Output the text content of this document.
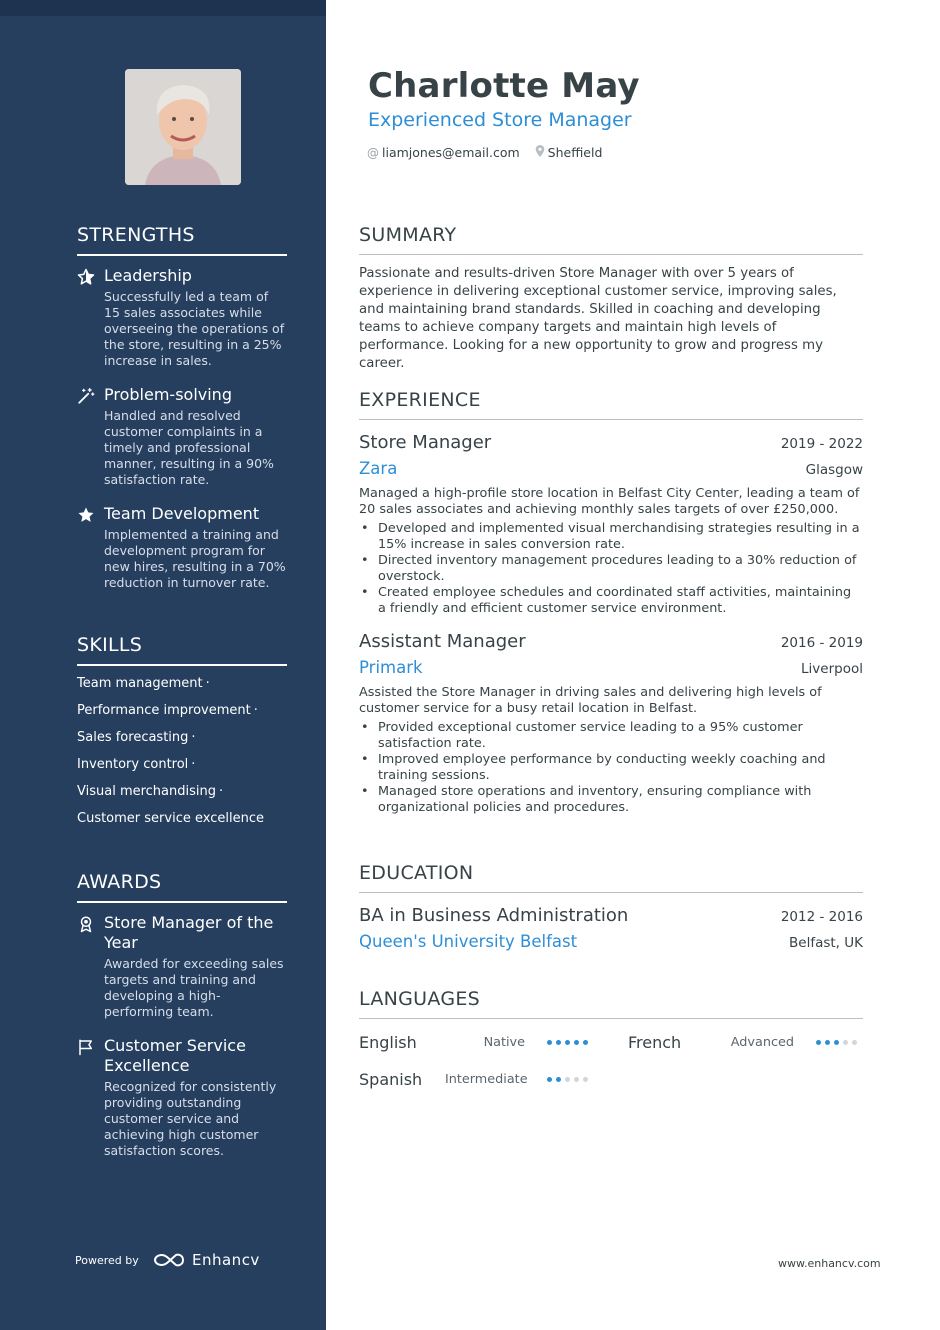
STRENGTHS
Leadership
Successfully led a team of 15 sales associates while overseeing the operations of the store, resulting in a 25% increase in sales.
Problem-solving
Handled and resolved customer complaints in a timely and professional manner, resulting in a 90% satisfaction rate.
Team Development
Implemented a training and development program for new hires, resulting in a 70% reduction in turnover rate.
SKILLS
Team management ·
Performance improvement ·
Sales forecasting ·
Inventory control ·
Visual merchandising ·
Customer service excellence
AWARDS
Store Manager of the Year
Awarded for exceeding sales targets and training and developing a high-performing team.
Customer Service Excellence
Recognized for consistently providing outstanding customer service and achieving high customer satisfaction scores.
Powered by	Enhancv
Charlotte May
Experienced Store Manager
@ liamjones@email.com Sheffield
SUMMARY
Passionate and results-driven Store Manager with over 5 years of experience in delivering exceptional customer service, improving sales, and maintaining brand standards. Skilled in coaching and developing teams to achieve company targets and maintain high levels of performance. Looking for a new opportunity to grow and progress my career.
EXPERIENCE
Store Manager	2019 - 2022
Zara	Glasgow
Managed a high-profile store location in Belfast City Center, leading a team of 20 sales associates and achieving monthly sales targets of over £250,000.
• Developed and implemented visual merchandising strategies resulting in a 15% increase in sales conversion rate.
• Directed inventory management procedures leading to a 30% reduction of overstock.
• Created employee schedules and coordinated staff activities, maintaining a friendly and efficient customer service environment.
Assistant Manager	2016 - 2019
Primark	Liverpool
Assisted the Store Manager in driving sales and delivering high levels of customer service for a busy retail location in Belfast.
• Provided exceptional customer service leading to a 95% customer satisfaction rate.
• Improved employee performance by conducting weekly coaching and training sessions.
• Managed store operations and inventory, ensuring compliance with organizational policies and procedures.
EDUCATION
BA in Business Administration	2012 - 2016
Queen's University Belfast	Belfast, UK
LANGUAGES
English	Native	French	Advanced
Spanish	Intermediate
www.enhancv.com
